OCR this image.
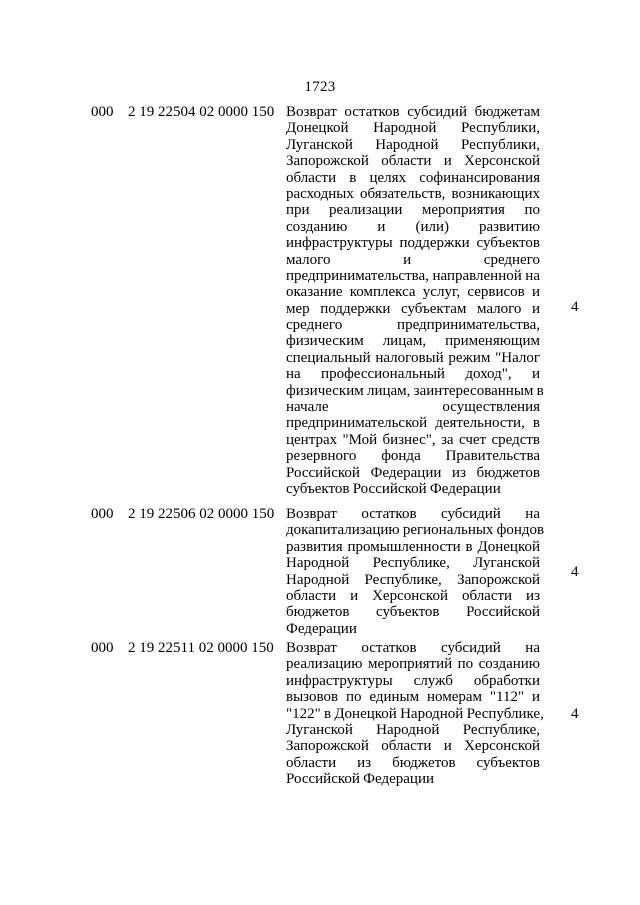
1723
000 2 19 22504 02 0000 150 Возврат остатков субсидий бюджетам
Донецкой Народной Республики,
Луганской Народной Республики,
Запорожской области и Херсонской
области в целях софинансирования
расходных обязательств, возникающих
при реализации мероприятия по
созданию и (или) развитию
инфраструктуры поддержки субъектов
малого и среднего
предпринимательства, направленной на
оказание комплекса услуг, сервисов и
мер поддержки субъектам малого и
среднего предпринимательства,
физическим лицам, применяющим
специальный налоговый режим "Налог
на профессиональный доход", и
физическим лицам, заинтересованным в
начале осуществления
предпринимательской деятельности, в
центрах "Мой бизнес", за счет средств
резервного фонда Правительства
Российской Федерации из бюджетов
субъектов Российской Федерации
4
000 2 19 22506 02 0000 150 Возврат остатков субсидий на
докапитализацию региональных фондов
развития промышленности в Донецкой
Народной Республике, Луганской
Народной Республике, Запорожской
области и Херсонской области из
бюджетов субъектов Российской
Федерации
4
000 2 19 22511 02 0000 150 Возврат остатков субсидий на
реализацию мероприятий по созданию
инфраструктуры служб обработки
вызовов по единым номерам "112" и
"122" в Донецкой Народной Республике,
Луганской Народной Республике,
Запорожской области и Херсонской
области из бюджетов субъектов
Российской Федерации
4
